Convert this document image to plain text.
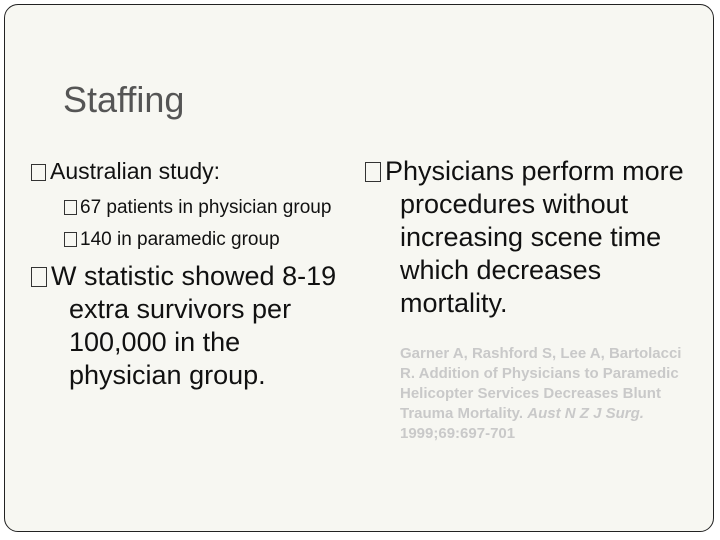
Staffing

Australian study:

67 patients in physician group

140 in paramedic group

W statistic showed 8-19 extra survivors per 100,000 in the physician group.

Physicians perform more procedures without increasing scene time which decreases mortality.

Garner A, Rashford S, Lee A, Bartolacci R. Addition of Physicians to Paramedic Helicopter Services Decreases Blunt Trauma Mortality. Aust N Z J Surg. 1999;69:697-701
